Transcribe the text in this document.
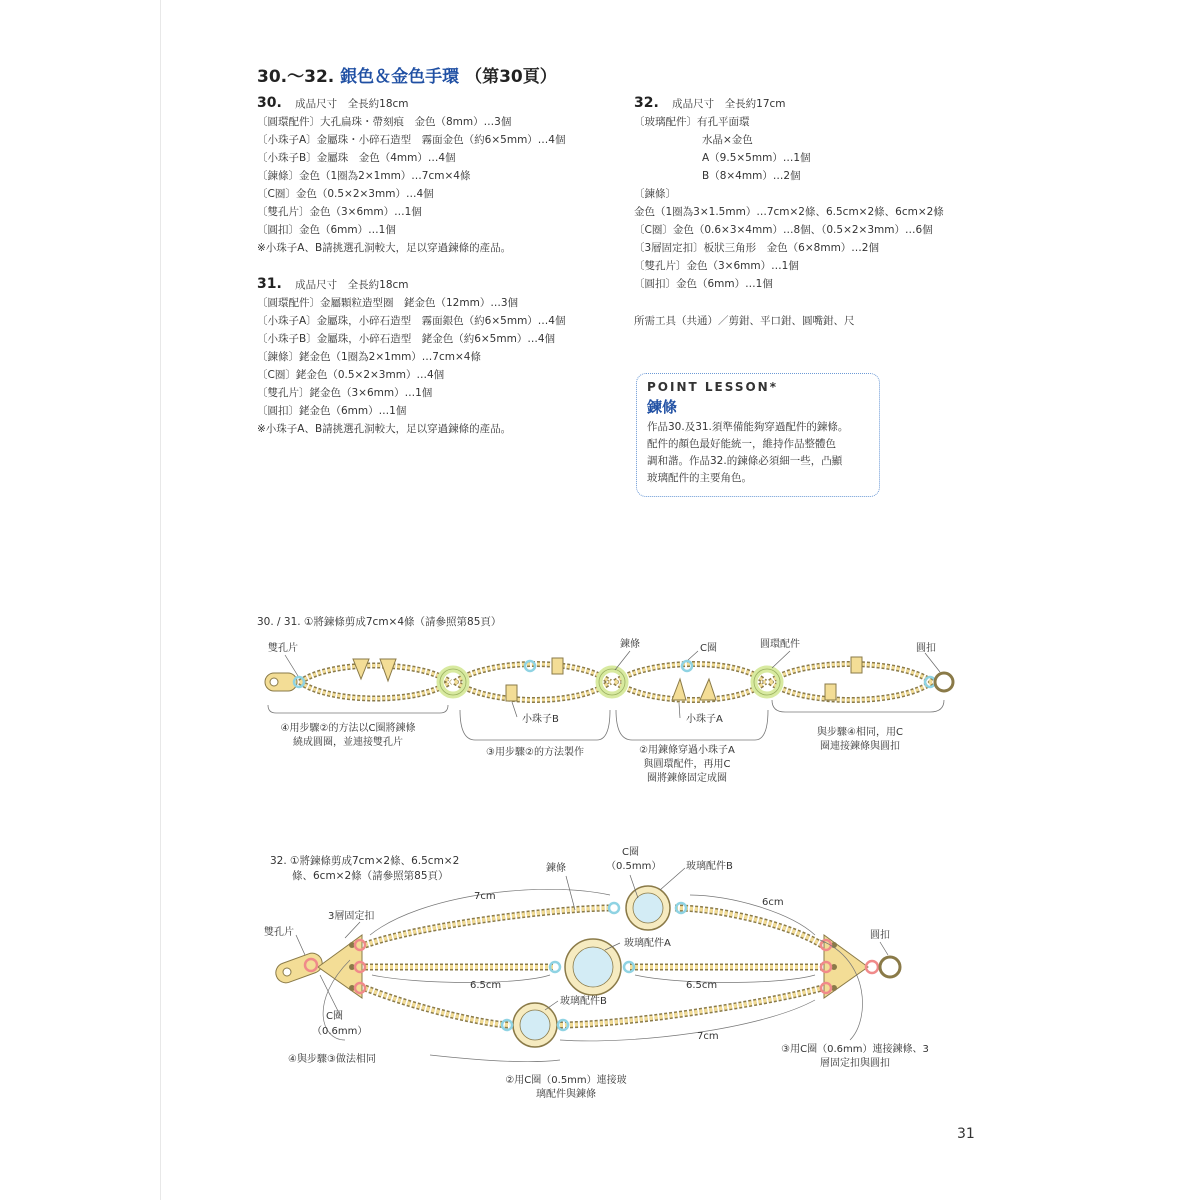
30.～32. 銀色＆金色手環 （第30頁）
30. 成品尺寸　全長約18cm
〔圓環配件〕大孔扁珠・帶刻痕　金色（8mm）…3個
〔小珠子A〕金屬珠・小碎石造型　霧面金色（約6×5mm）…4個
〔小珠子B〕金屬珠　金色（4mm）…4個
〔鍊條〕金色（1圈為2×1mm）…7cm×4條
〔C圈〕金色（0.5×2×3mm）…4個
〔雙孔片〕金色（3×6mm）…1個
〔圓扣〕金色（6mm）…1個
※小珠子A、B請挑選孔洞較大，足以穿過鍊條的產品。
31. 成品尺寸　全長約18cm
〔圓環配件〕金屬顆粒造型圈　銠金色（12mm）…3個
〔小珠子A〕金屬珠，小碎石造型　霧面銀色（約6×5mm）…4個
〔小珠子B〕金屬珠，小碎石造型　銠金色（約6×5mm）…4個
〔鍊條〕銠金色（1圈為2×1mm）…7cm×4條
〔C圈〕銠金色（0.5×2×3mm）…4個
〔雙孔片〕銠金色（3×6mm）…1個
〔圓扣〕銠金色（6mm）…1個
※小珠子A、B請挑選孔洞較大，足以穿過鍊條的產品。
32. 成品尺寸　全長約17cm
〔玻璃配件〕有孔平面環
水晶×金色
A（9.5×5mm）…1個
B（8×4mm）…2個
〔鍊條〕
金色（1圈為3×1.5mm）…7cm×2條、6.5cm×2條、6cm×2條
〔C圈〕金色（0.6×3×4mm）…8個、（0.5×2×3mm）…6個
〔3層固定扣〕板狀三角形　金色（6×8mm）…2個
〔雙孔片〕金色（3×6mm）…1個
〔圓扣〕金色（6mm）…1個
所需工具（共通）／剪鉗、平口鉗、圓嘴鉗、尺
POINT LESSON*
鍊條
作品30.及31.須準備能夠穿過配件的鍊條。
配件的顏色最好能統一，維持作品整體色
調和諧。作品32.的鍊條必須細一些，凸顯
玻璃配件的主要角色。
30. / 31. ①將鍊條剪成7cm×4條（請參照第85頁）
雙孔片	鍊條	C圈	圓環配件	圓扣
小珠子B	小珠子A
④用步驟②的方法以C圈將鍊條
繞成圓圈，並連接雙孔片
③用步驟②的方法製作	②用鍊條穿過小珠子A
與圓環配件，再用C
圈將鍊條固定成圈
與步驟④相同，用C
圈連接鍊條與圓扣
32. ①將鍊條剪成7cm×2條、6.5cm×2
條、6cm×2條（請參照第85頁）
C圈
（0.5mm） 玻璃配件B
鍊條
7cm
6cm
3層固定扣
雙孔片
玻璃配件A
圓扣
6.5cm	6.5cm
玻璃配件B
C圈
（0.6mm）	7cm
④與步驟③做法相同
③用C圈（0.6mm）連接鍊條、3
層固定扣與圓扣
②用C圈（0.5mm）連接玻
璃配件與鍊條
31
